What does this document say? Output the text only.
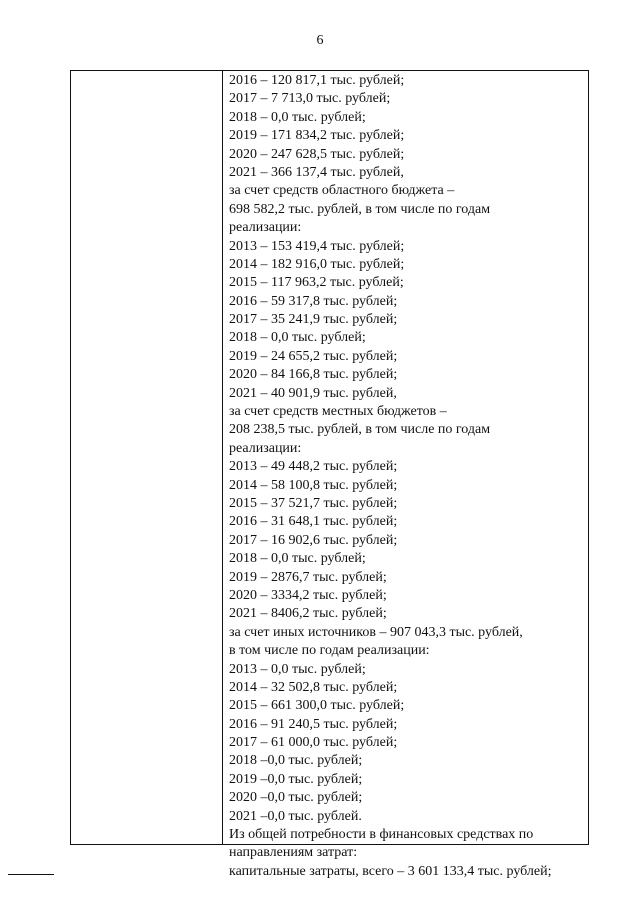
6
2016 – 120 817,1 тыс. рублей;
2017 – 7 713,0 тыс. рублей;
2018 – 0,0 тыс. рублей;
2019 – 171 834,2 тыс. рублей;
2020 – 247 628,5 тыс. рублей;
2021 – 366 137,4 тыс. рублей,
за счет средств областного бюджета –
698 582,2 тыс. рублей, в том числе по годам
реализации:
2013 – 153 419,4 тыс. рублей;
2014 – 182 916,0 тыс. рублей;
2015 – 117 963,2 тыс. рублей;
2016 – 59 317,8 тыс. рублей;
2017 – 35 241,9 тыс. рублей;
2018 – 0,0 тыс. рублей;
2019 – 24 655,2 тыс. рублей;
2020 – 84 166,8 тыс. рублей;
2021 – 40 901,9 тыс. рублей,
за счет средств местных бюджетов –
208 238,5 тыс. рублей, в том числе по годам
реализации:
2013 – 49 448,2 тыс. рублей;
2014 – 58 100,8 тыс. рублей;
2015 – 37 521,7 тыс. рублей;
2016 – 31 648,1 тыс. рублей;
2017 – 16 902,6 тыс. рублей;
2018 – 0,0 тыс. рублей;
2019 – 2876,7 тыс. рублей;
2020 – 3334,2 тыс. рублей;
2021 – 8406,2 тыс. рублей;
за счет иных источников – 907 043,3 тыс. рублей,
в том числе по годам реализации:
2013 – 0,0 тыс. рублей;
2014 – 32 502,8 тыс. рублей;
2015 – 661 300,0 тыс. рублей;
2016 – 91 240,5 тыс. рублей;
2017 – 61 000,0 тыс. рублей;
2018 –0,0 тыс. рублей;
2019 –0,0 тыс. рублей;
2020 –0,0 тыс. рублей;
2021 –0,0 тыс. рублей.
Из общей потребности в финансовых средствах по
направлениям затрат:
капитальные затраты, всего – 3 601 133,4 тыс. рублей;
